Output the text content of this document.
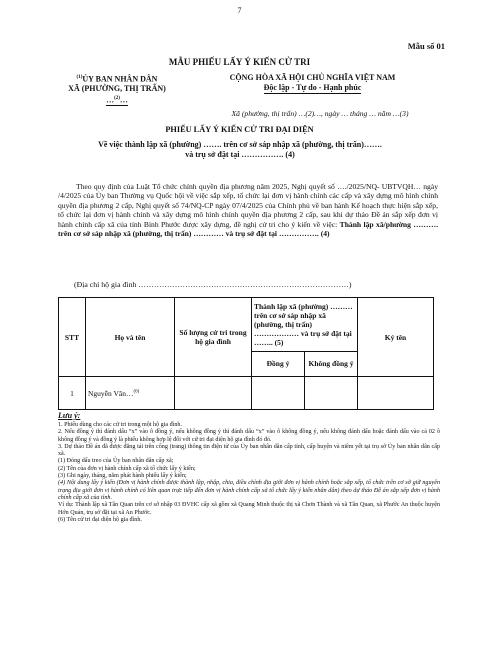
7
Mẫu số 01
MẪU PHIẾU LẤY Ý KIẾN CỬ TRI
$^{(1)}$ỦY BAN NHÂN DÂN
XÃ (PHƯỜNG, THỊ TRẤN)
…$^{(2)}$…
CỘNG HÒA XÃ HỘI CHỦ NGHĨA VIỆT NAM
Độc lập - Tự do - Hạnh phúc
Xã (phường, thị trấn) …(2)…, ngày … tháng … năm …(3)
PHIẾU LẤY Ý KIẾN CỬ TRI ĐẠI DIỆN
Về việc thành lập xã (phường) ……. trên cơ sở sáp nhập xã (phường, thị trấn)…….
và trụ sở đặt tại ……………. (4)
Theo quy định của Luật Tổ chức chính quyền địa phương năm 2025, Nghị quyết số …./2025/NQ- UBTVQH… ngày /4/2025 của Ủy ban Thường vụ Quốc hội về việc sắp xếp, tổ chức lại đơn vị hành chính các cấp và xây dựng mô hình chính quyền địa phương 2 cấp, Nghị quyết số 74/NQ-CP ngày 07/4/2025 của Chính phủ về ban hành Kế hoạch thực hiện sắp xếp, tổ chức lại đơn vị hành chính và xây dựng mô hình chính quyền địa phương 2 cấp, sau khi dự thảo Đề án sắp xếp đơn vị hành chính cấp xã của tỉnh Bình Phước được xây dựng, đề nghị cử tri cho ý kiến về việc: Thành lập xã/phường ………. trên cơ sở sáp nhập xã (phường, thị trấn) ………… và trụ sở đặt tại ……………. (4)
(Địa chỉ hộ gia đình ………………………………………………………………………)
STT	Họ và tên	Số lượng cử tri trong hộ gia đình	Thành lập xã (phường) ……… trên cơ sở sáp nhập xã (phường, thị trấn) ……………… và trụ sở đặt tại …….. (5)		Ký tên
			Đồng ý	Không đồng ý	
1	Nguyễn Văn…$^{(6)}$				
Lưu ý:

1. Phiếu dùng cho các cử tri trong một hộ gia đình.

2. Nếu đồng ý thì đánh dấu “x” vào ô đồng ý, nếu không đồng ý thì đánh dấu “x” vào ô không đồng ý, nếu không đánh dấu hoặc đánh dấu vào cả 02 ô không đồng ý và đồng ý là phiếu không hợp lệ đối với cử tri đại diện hộ gia đình đó đó.

3. Dự thảo Đề án đã được đăng tải trên cổng (trang) thông tin điện tử của Ủy ban nhân dân cấp tỉnh, cấp huyện và niêm yết tại trụ sở Ủy ban nhân dân cấp xã.

(1) Đóng dấu treo của Ủy ban nhân dân cấp xã;

(2) Tên của đơn vị hành chính cấp xã tổ chức lấy ý kiến;

(3) Ghi ngày, tháng, năm phát hành phiếu lấy ý kiến;

(4) Nội dung lấy ý kiến (Đơn vị hành chính được thành lập, nhập, chia, điều chỉnh địa giới đơn vị hành chính hoặc sắp xếp, tổ chức trên cơ sở giữ nguyên trạng địa giới đơn vị hành chính có liên quan trực tiếp đến đơn vị hành chính cấp xã tổ chức lấy ý kiến nhân dân) theo dự thảo Đề án sắp xếp đơn vị hành chính cấp xã của tỉnh.

Ví dụ: Thành lập xã Tân Quan trên cơ sở nhập 03 ĐVHC cấp xã gồm xã Quang Minh thuộc thị xã Chơn Thành và xã Tân Quan, xã Phước An thuộc huyện Hớn Quản, trụ sở đặt tại xã An Phước.

(6) Tên cử tri đại diện hộ gia đình.
